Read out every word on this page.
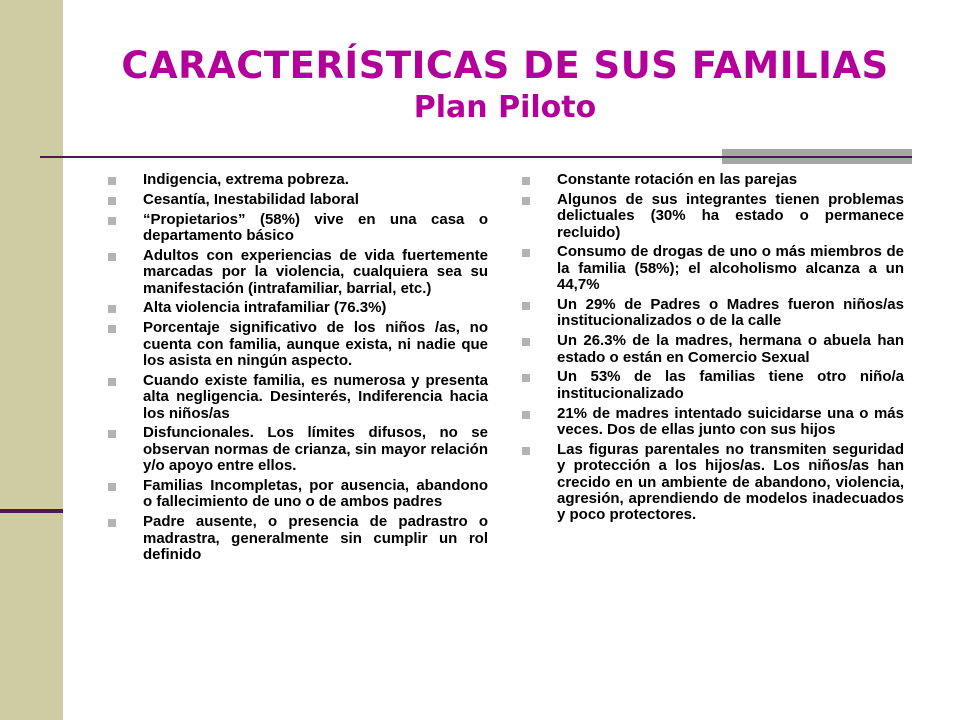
CARACTERÍSTICAS DE SUS FAMILIAS
Plan Piloto
Indigencia, extrema pobreza.
Cesantía, Inestabilidad laboral
“Propietarios” (58%) vive en una casa o departamento básico
Adultos con experiencias de vida fuertemente marcadas por la violencia, cualquiera sea su manifestación (intrafamiliar, barrial, etc.)
Alta violencia intrafamiliar (76.3%)
Porcentaje significativo de los niños /as, no cuenta con familia, aunque exista, ni nadie que los asista en ningún aspecto.
Cuando existe familia, es numerosa y presenta alta negligencia. Desinterés, Indiferencia hacia los niños/as
Disfuncionales. Los límites difusos, no se observan normas de crianza, sin mayor relación y/o apoyo entre ellos.
Familias Incompletas, por ausencia, abandono o fallecimiento de uno o de ambos padres
Padre ausente, o presencia de padrastro o madrastra, generalmente sin cumplir un rol definido
Constante rotación en las parejas
Algunos de sus integrantes tienen problemas delictuales (30% ha estado o permanece recluido)
Consumo de drogas de uno o más miembros de la familia (58%); el alcoholismo alcanza a un 44,7%
Un 29% de Padres o Madres fueron niños/as institucionalizados o de la calle
Un 26.3% de la madres, hermana o abuela han estado o están en Comercio Sexual
Un 53% de las familias tiene otro niño/a institucionalizado
21% de madres intentado suicidarse una o más veces. Dos de ellas junto con sus hijos
Las figuras parentales no transmiten seguridad y protección a los hijos/as. Los niños/as han crecido en un ambiente de abandono, violencia, agresión, aprendiendo de modelos inadecuados y poco protectores.
